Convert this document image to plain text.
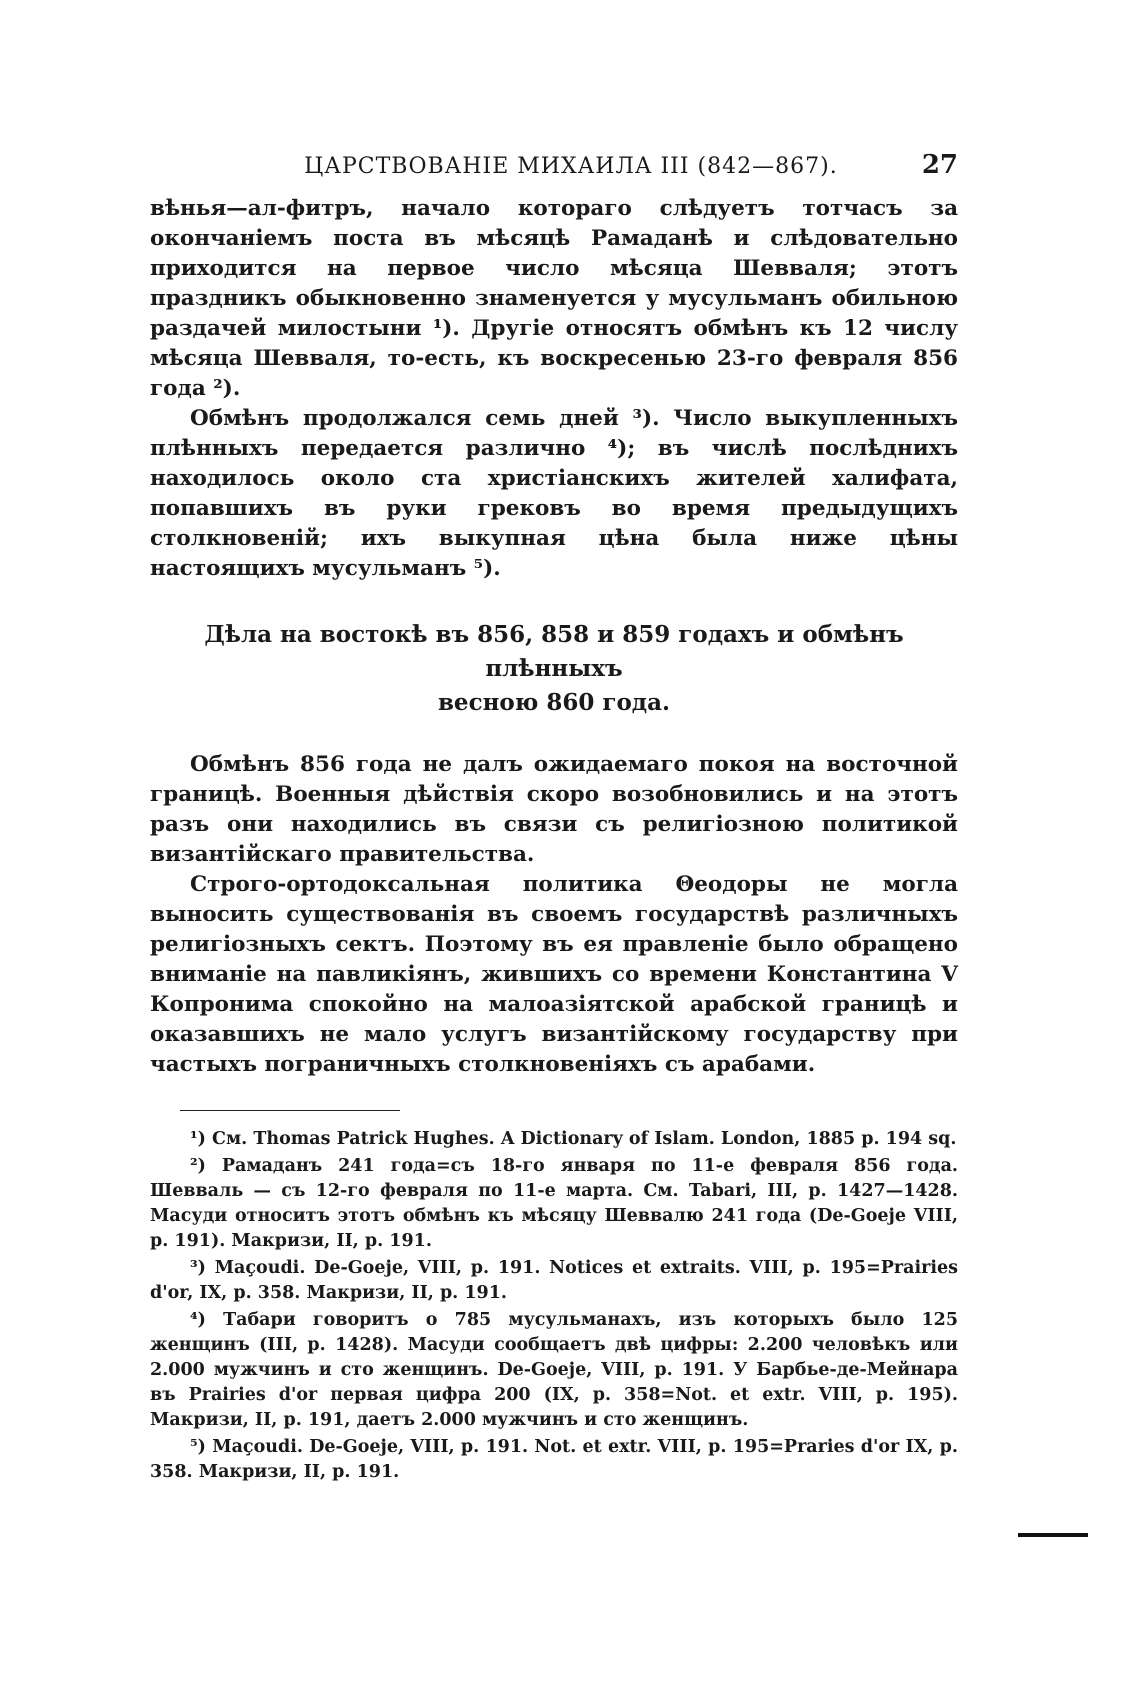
ЦАРСТВОВАНІЕ МИХАИЛА III (842—867).	27

вѣнья—ал-фитръ, начало котораго слѣдуетъ тотчасъ за окончаніемъ поста въ мѣсяцѣ Рамаданѣ и слѣдовательно приходится на первое число мѣсяца Шевваля; этотъ праздникъ обыкновенно знаменуется у мусульманъ обильною раздачей милостыни ¹). Другіе относятъ обмѣнъ къ 12 числу мѣсяца Шевваля, то-есть, къ воскресенью 23-го февраля 856 года ²).

Обмѣнъ продолжался семь дней ³). Число выкупленныхъ плѣнныхъ передается различно ⁴); въ числѣ послѣднихъ находилось около ста христіанскихъ жителей халифата, попавшихъ въ руки грековъ во время предыдущихъ столкновеній; ихъ выкупная цѣна была ниже цѣны настоящихъ мусульманъ ⁵).

Дѣла на востокѣ въ 856, 858 и 859 годахъ и обмѣнъ плѣнныхъ
весною 860 года.

Обмѣнъ 856 года не далъ ожидаемаго покоя на восточной границѣ. Военныя дѣйствія скоро возобновились и на этотъ разъ они находились въ связи съ религіозною политикой византійскаго правительства.

Строго-ортодоксальная политика Θеодоры не могла выносить существованія въ своемъ государствѣ различныхъ религіозныхъ сектъ. Поэтому въ ея правленіе было обращено вниманіе на павликіянъ, жившихъ со времени Константина V Копронима спокойно на малоазіятской арабской границѣ и оказавшихъ не мало услугъ византійскому государству при частыхъ пограничныхъ столкновеніяхъ съ арабами.

¹) См. Thomas Patrick Hughes. A Dictionary of Islam. London, 1885 p. 194 sq.

²) Рамаданъ 241 года=съ 18-го января по 11-е февраля 856 года. Шевваль — съ 12-го февраля по 11-е марта. См. Tabari, III, p. 1427—1428. Масуди относитъ этотъ обмѣнъ къ мѣсяцу Шеввалю 241 года (De-Goeje VIII, p. 191). Макризи, II, p. 191.

³) Maçoudi. De-Goeje, VIII, p. 191. Notices et extraits. VIII, p. 195=Prairies d'or, IX, p. 358. Макризи, II, p. 191.

⁴) Табари говоритъ о 785 мусульманахъ, изъ которыхъ было 125 женщинъ (III, p. 1428). Масуди сообщаетъ двѣ цифры: 2.200 человѣкъ или 2.000 мужчинъ и сто женщинъ. De-Goeje, VIII, p. 191. У Барбье-де-Мейнара въ Prairies d'or первая цифра 200 (IX, p. 358=Not. et extr. VIII, p. 195). Макризи, II, p. 191, даетъ 2.000 мужчинъ и сто женщинъ.

⁵) Maçoudi. De-Goeje, VIII, p. 191. Not. et extr. VIII, p. 195=Praries d'or IX, p. 358. Макризи, II, p. 191.
